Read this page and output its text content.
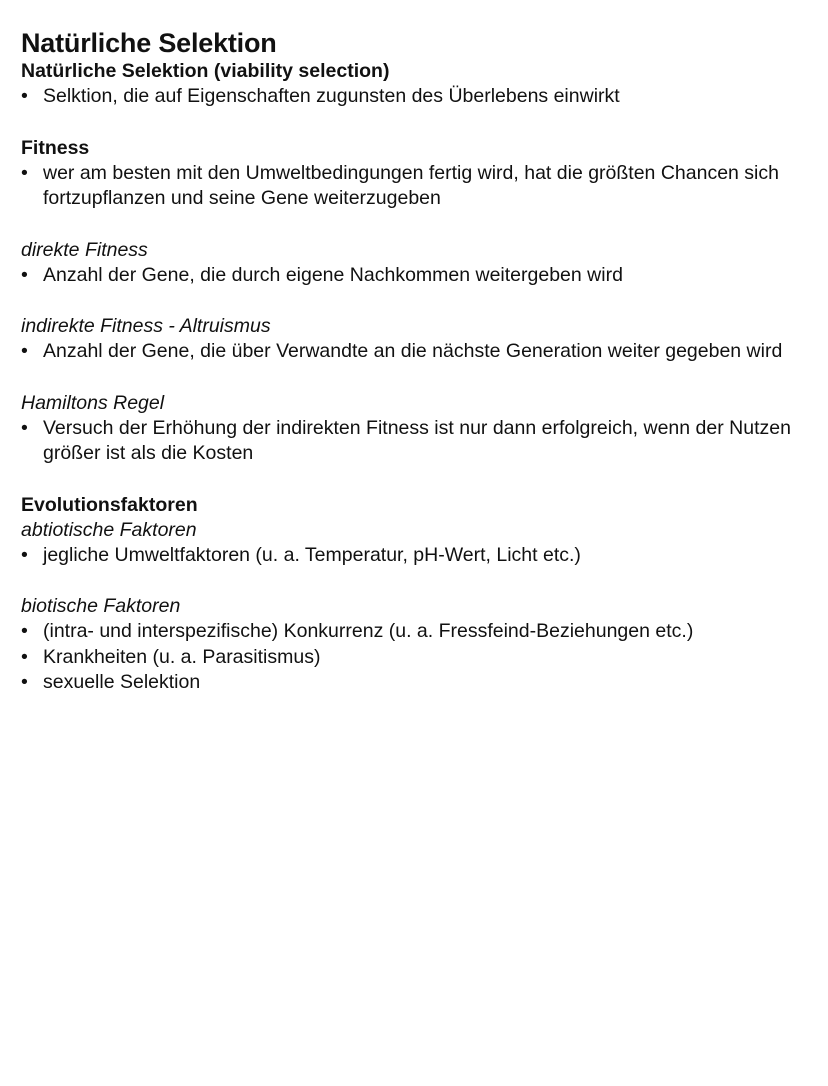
Natürliche Selektion

Natürliche Selektion (viability selection)

• Selktion, die auf Eigenschaften zugunsten des Überlebens einwirkt

Fitness

• wer am besten mit den Umweltbedingungen fertig wird, hat die größten Chancen sich fortzupflanzen und seine Gene weiterzugeben

direkte Fitness

• Anzahl der Gene, die durch eigene Nachkommen weitergeben wird

indirekte Fitness - Altruismus

• Anzahl der Gene, die über Verwandte an die nächste Generation weiter gegeben wird

Hamiltons Regel

• Versuch der Erhöhung der indirekten Fitness ist nur dann erfolgreich, wenn der Nutzen größer ist als die Kosten

Evolutionsfaktoren

abtiotische Faktoren

• jegliche Umweltfaktoren (u. a. Temperatur, pH-Wert, Licht etc.)

biotische Faktoren

• (intra- und interspezifische) Konkurrenz (u. a. Fressfeind-Beziehungen etc.)
• Krankheiten (u. a. Parasitismus)
• sexuelle Selektion
